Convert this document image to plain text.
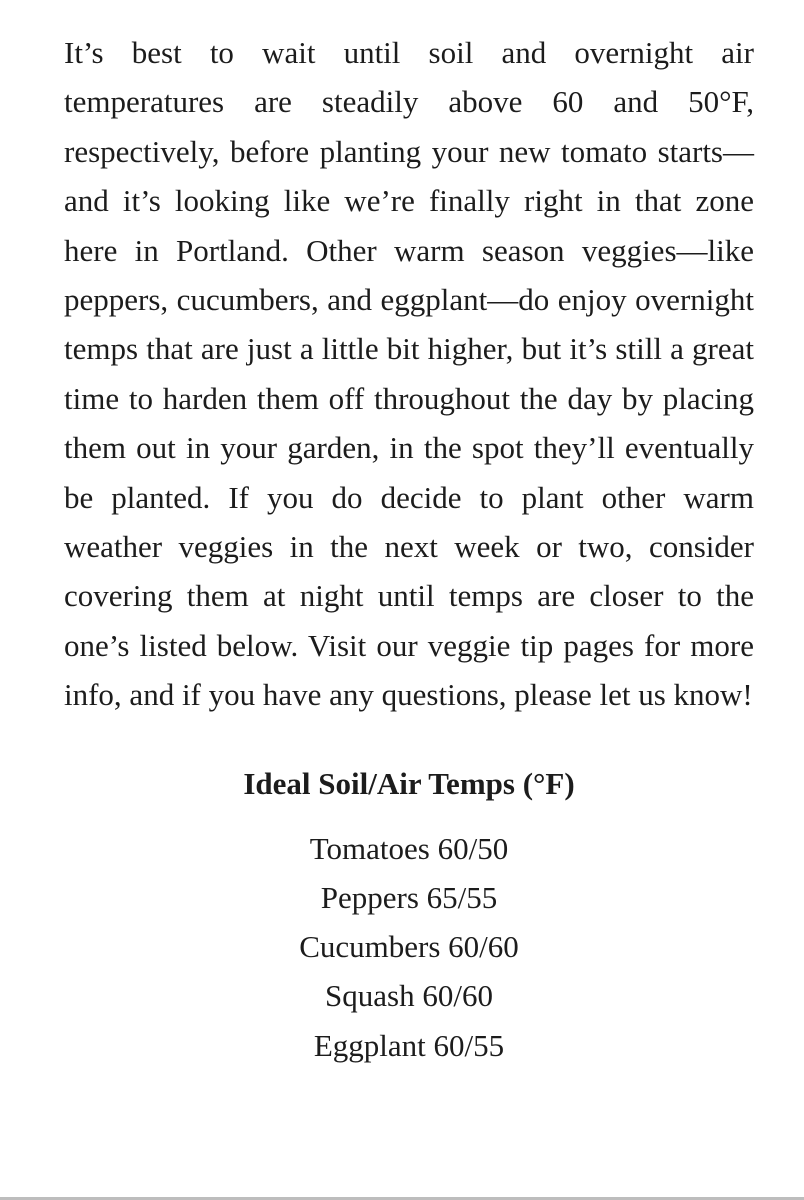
It’s best to wait until soil and overnight air temperatures are steadily above 60 and 50°F, respectively, before planting your new tomato starts—and it’s looking like we’re finally right in that zone here in Portland. Other warm season veggies—like peppers, cucumbers, and eggplant—do enjoy overnight temps that are just a little bit higher, but it’s still a great time to harden them off throughout the day by placing them out in your garden, in the spot they’ll eventually be planted. If you do decide to plant other warm weather veggies in the next week or two, consider covering them at night until temps are closer to the one’s listed below. Visit our veggie tip pages for more info, and if you have any questions, please let us know!

Ideal Soil/Air Temps (°F)
Tomatoes 60/50
Peppers 65/55
Cucumbers 60/60
Squash 60/60
Eggplant 60/55
